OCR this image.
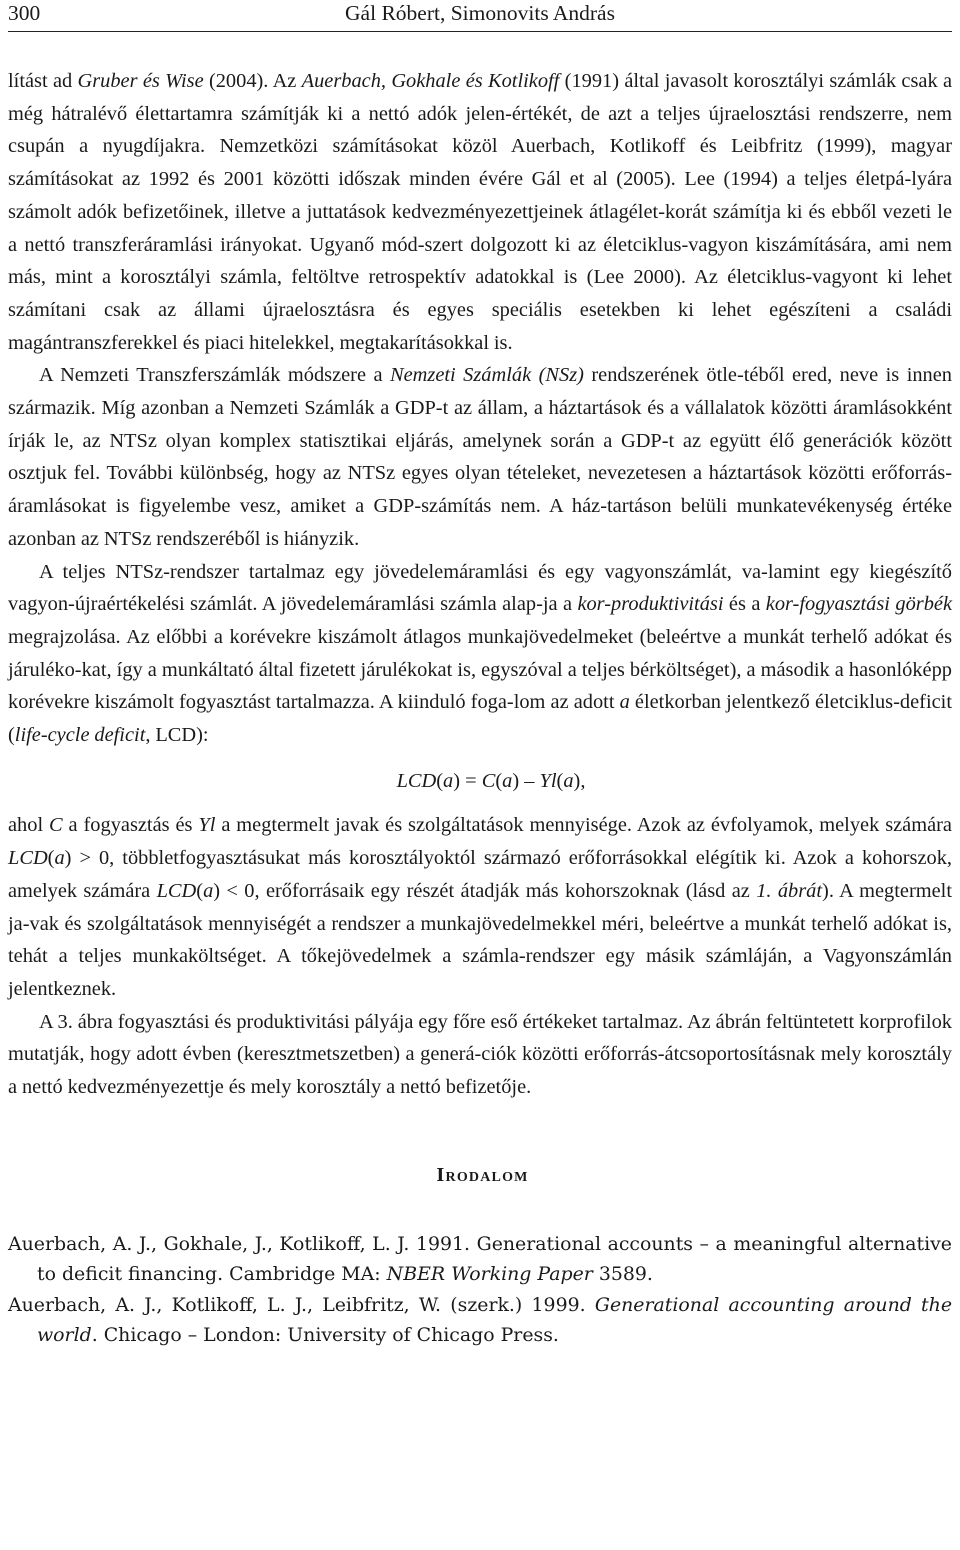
300	Gál Róbert, Simonovits András

lítást ad Gruber és Wise (2004). Az Auerbach, Gokhale és Kotlikoff (1991) által javasolt korosztályi számlák csak a még hátralévő élettartamra számítják ki a nettó adók jelen-értékét, de azt a teljes újraelosztási rendszerre, nem csupán a nyugdíjakra. Nemzetközi számításokat közöl Auerbach, Kotlikoff és Leibfritz (1999), magyar számításokat az 1992 és 2001 közötti időszak minden évére Gál et al (2005). Lee (1994) a teljes életpá-lyára számolt adók befizetőinek, illetve a juttatások kedvezményezettjeinek átlagélet-korát számítja ki és ebből vezeti le a nettó transzferáramlási irányokat. Ugyanő mód-szert dolgozott ki az életciklus-vagyon kiszámítására, ami nem más, mint a korosztályi számla, feltöltve retrospektív adatokkal is (Lee 2000). Az életciklus-vagyont ki lehet számítani csak az állami újraelosztásra és egyes speciális esetekben ki lehet egészíteni a családi magántranszferekkel és piaci hitelekkel, megtakarításokkal is.

A Nemzeti Transzferszámlák módszere a Nemzeti Számlák (NSz) rendszerének ötle-téből ered, neve is innen származik. Míg azonban a Nemzeti Számlák a GDP-t az állam, a háztartások és a vállalatok közötti áramlásokként írják le, az NTSz olyan komplex statisztikai eljárás, amelynek során a GDP-t az együtt élő generációk között osztjuk fel. További különbség, hogy az NTSz egyes olyan tételeket, nevezetesen a háztartások közötti erőforrás-áramlásokat is figyelembe vesz, amiket a GDP-számítás nem. A ház-tartáson belüli munkatevékenység értéke azonban az NTSz rendszeréből is hiányzik.

A teljes NTSz-rendszer tartalmaz egy jövedelemáramlási és egy vagyonszámlát, va-lamint egy kiegészítő vagyon-újraértékelési számlát. A jövedelemáramlási számla alap-ja a kor-produktivitási és a kor-fogyasztási görbék megrajzolása. Az előbbi a korévekre kiszámolt átlagos munkajövedelmeket (beleértve a munkát terhelő adókat és járuléko-kat, így a munkáltató által fizetett járulékokat is, egyszóval a teljes bérköltséget), a második a hasonlóképp korévekre kiszámolt fogyasztást tartalmazza. A kiinduló foga-lom az adott a életkorban jelentkező életciklus-deficit (life-cycle deficit, LCD):

LCD(a) = C(a) – Yl(a),

ahol C a fogyasztás és Yl a megtermelt javak és szolgáltatások mennyisége. Azok az évfolyamok, melyek számára LCD(a) > 0, többletfogyasztásukat más korosztályoktól származó erőforrásokkal elégítik ki. Azok a kohorszok, amelyek számára LCD(a) < 0, erőforrásaik egy részét átadják más kohorszoknak (lásd az 1. ábrát). A megtermelt ja-vak és szolgáltatások mennyiségét a rendszer a munkajövedelmekkel méri, beleértve a munkát terhelő adókat is, tehát a teljes munkaköltséget. A tőkejövedelmek a számla-rendszer egy másik számláján, a Vagyonszámlán jelentkeznek.

A 3. ábra fogyasztási és produktivitási pályája egy főre eső értékeket tartalmaz. Az ábrán feltüntetett korprofilok mutatják, hogy adott évben (keresztmetszetben) a generá-ciók közötti erőforrás-átcsoportosításnak mely korosztály a nettó kedvezményezettje és mely korosztály a nettó befizetője.

Irodalom

Auerbach, A. J., Gokhale, J., Kotlikoff, L. J. 1991. Generational accounts – a meaningful alternative to deficit financing. Cambridge MA: NBER Working Paper 3589.

Auerbach, A. J., Kotlikoff, L. J., Leibfritz, W. (szerk.) 1999. Generational accounting around the world. Chicago – London: University of Chicago Press.
